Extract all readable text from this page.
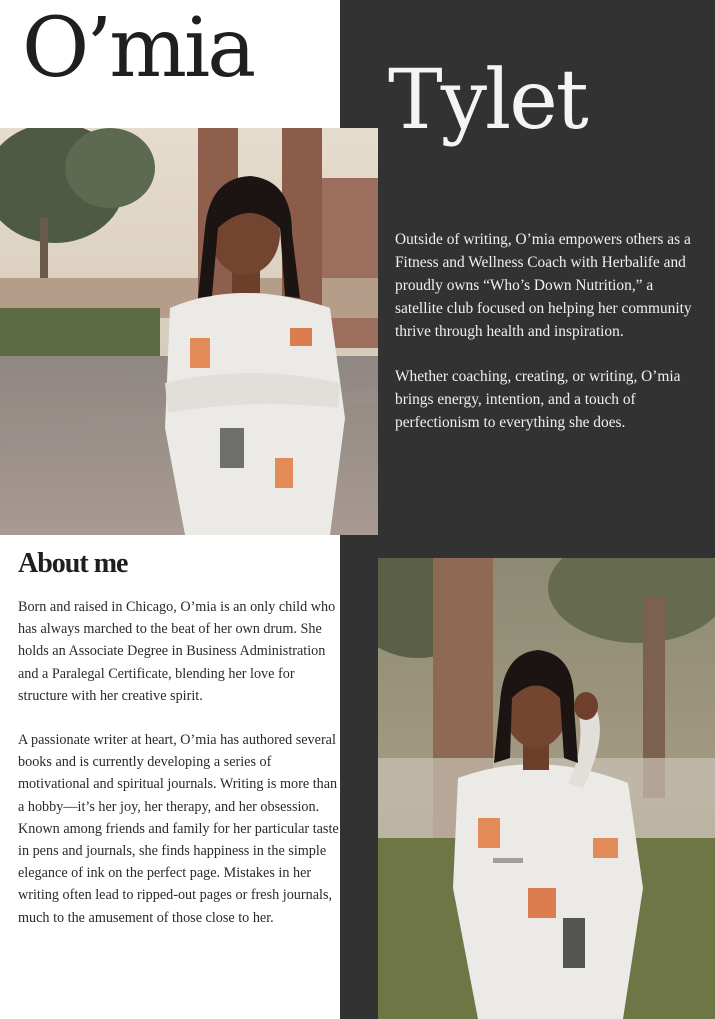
O’mia
Tylet

Outside of writing, O’mia empowers others as a Fitness and Wellness Coach with Herbalife and proudly owns “Who’s Down Nutrition,” a satellite club focused on helping her community thrive through health and inspiration.

Whether coaching, creating, or writing, O’mia brings energy, intention, and a touch of perfectionism to everything she does.

About me

Born and raised in Chicago, O’mia is an only child who has always marched to the beat of her own drum. She holds an Associate Degree in Business Administration and a Paralegal Certificate, blending her love for structure with her creative spirit.

A passionate writer at heart, O’mia has authored several books and is currently developing a series of motivational and spiritual journals. Writing is more than a hobby—it’s her joy, her therapy, and her obsession. Known among friends and family for her particular taste in pens and journals, she finds happiness in the simple elegance of ink on the perfect page. Mistakes in her writing often lead to ripped-out pages or fresh journals, much to the amusement of those close to her.
